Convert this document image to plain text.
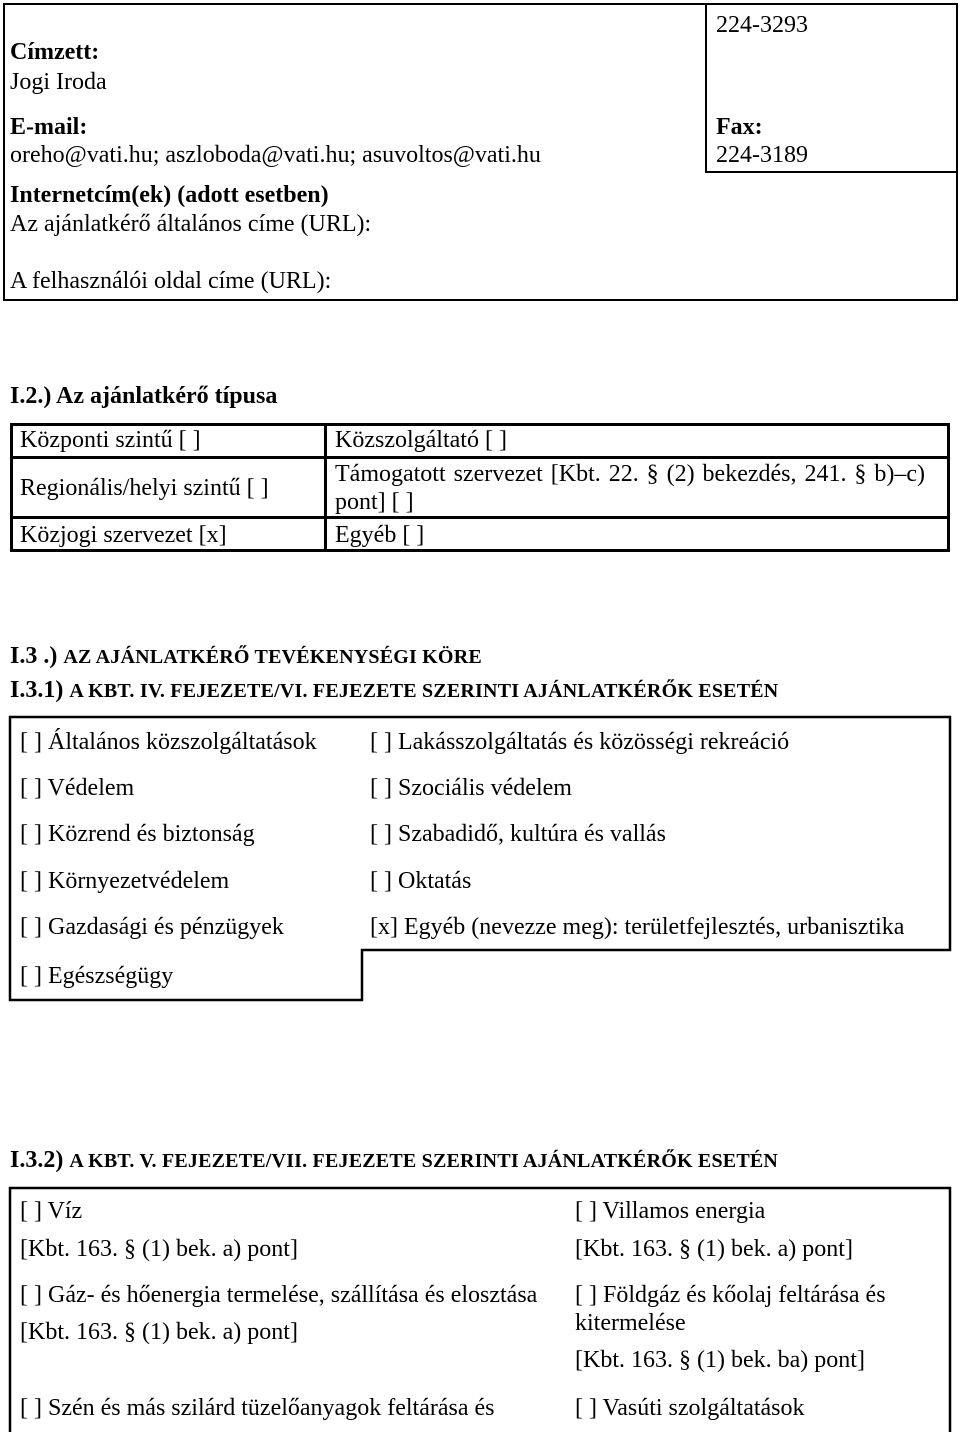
Címzett:
Jogi Iroda
E-mail:
oreho@vati.hu; aszloboda@vati.hu; asuvoltos@vati.hu
224-3293
Fax:
224-3189
Internetcím(ek) (adott esetben)
Az ajánlatkérő általános címe (URL):
A felhasználói oldal címe (URL):
I.2.) Az ajánlatkérő típusa
Központi szintű [ ]	Közszolgáltató [ ]
Regionális/helyi szintű [ ]
Támogatott szervezet [Kbt. 22. § (2) bekezdés, 241. § b)–c)
pont] [ ]
Közjogi szervezet [x]	Egyéb [ ]
I.3 .) AZ AJÁNLATKÉRŐ TEVÉKENYSÉGI KÖRE
I.3.1) A KBT. IV. FEJEZETE/VI. FEJEZETE SZERINTI AJÁNLATKÉRŐK ESETÉN
[ ] Általános közszolgáltatások
[ ] Védelem
[ ] Közrend és biztonság
[ ] Környezetvédelem
[ ] Gazdasági és pénzügyek
[ ] Egészségügy
[ ] Lakásszolgáltatás és közösségi rekreáció
[ ] Szociális védelem
[ ] Szabadidő, kultúra és vallás
[ ] Oktatás
[x] Egyéb (nevezze meg): területfejlesztés, urbanisztika
I.3.2) A KBT. V. FEJEZETE/VII. FEJEZETE SZERINTI AJÁNLATKÉRŐK ESETÉN
[ ] Víz
[Kbt. 163. § (1) bek. a) pont]
[ ] Gáz- és hőenergia termelése, szállítása és elosztása
[Kbt. 163. § (1) bek. a) pont]
[ ] Szén és más szilárd tüzelőanyagok feltárása és
[ ] Villamos energia
[Kbt. 163. § (1) bek. a) pont]
[ ] Földgáz és kőolaj feltárása és
kitermelése
[Kbt. 163. § (1) bek. ba) pont]
[ ] Vasúti szolgáltatások
